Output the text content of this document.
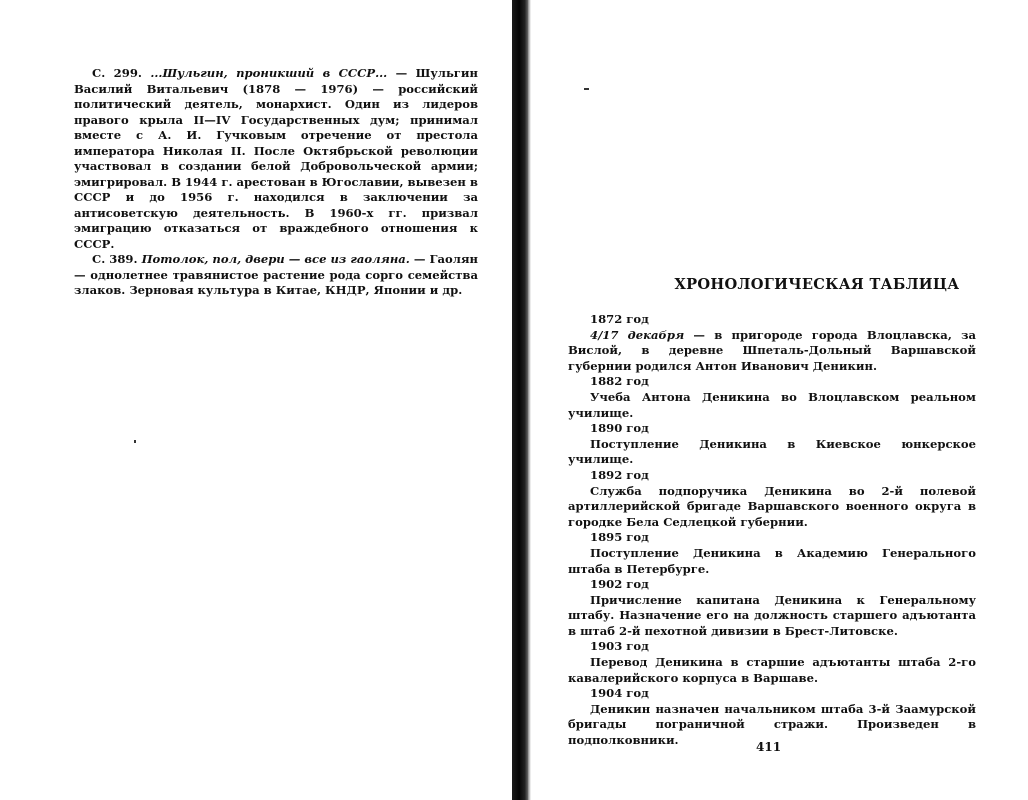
С. 299. ...Шульгин, проникший в СССР... — Шульгин Василий Витальевич (1878 — 1976) — российский политический деятель, монархист. Один из лидеров правого крыла II—IV Государственных дум; принимал вместе с А. И. Гучковым отречение от престола императора Николая II. После Октябрьской революции участвовал в создании белой Добровольческой армии; эмигрировал. В 1944 г. арестован в Югославии, вывезен в СССР и до 1956 г. находился в заключении за антисоветскую деятельность. В 1960-х гг. призвал эмиграцию отказаться от враждебного отношения к СССР.

С. 389. Потолок, пол, двери — все из гаоляна. — Гаолян — однолетнее травянистое растение рода сорго семейства злаков. Зерновая культура в Китае, КНДР, Японии и др.	ХРОНОЛОГИЧЕСКАЯ ТАБЛИЦА

1872 год

4/17 декабря — в пригороде города Влоцлавска, за Вислой, в деревне Шпеталь-Дольный Варшавской губернии родился Антон Иванович Деникин.

1882 год

Учеба Антона Деникина во Влоцлавском реальном училище.

1890 год

Поступление Деникина в Киевское юнкерское училище.

1892 год

Служба подпоручика Деникина во 2-й полевой артиллерийской бригаде Варшавского военного округа в городке Бела Седлецкой губернии.

1895 год

Поступление Деникина в Академию Генерального штаба в Петербурге.

1902 год

Причисление капитана Деникина к Генеральному штабу. Назначение его на должность старшего адъютанта в штаб 2-й пехотной дивизии в Брест-Литовске.

1903 год

Перевод Деникина в старшие адъютанты штаба 2-го кавалерийского корпуса в Варшаве.

1904 год

Деникин назначен начальником штаба 3-й Заамурской бригады пограничной стражи. Произведен в подполковники.	411
